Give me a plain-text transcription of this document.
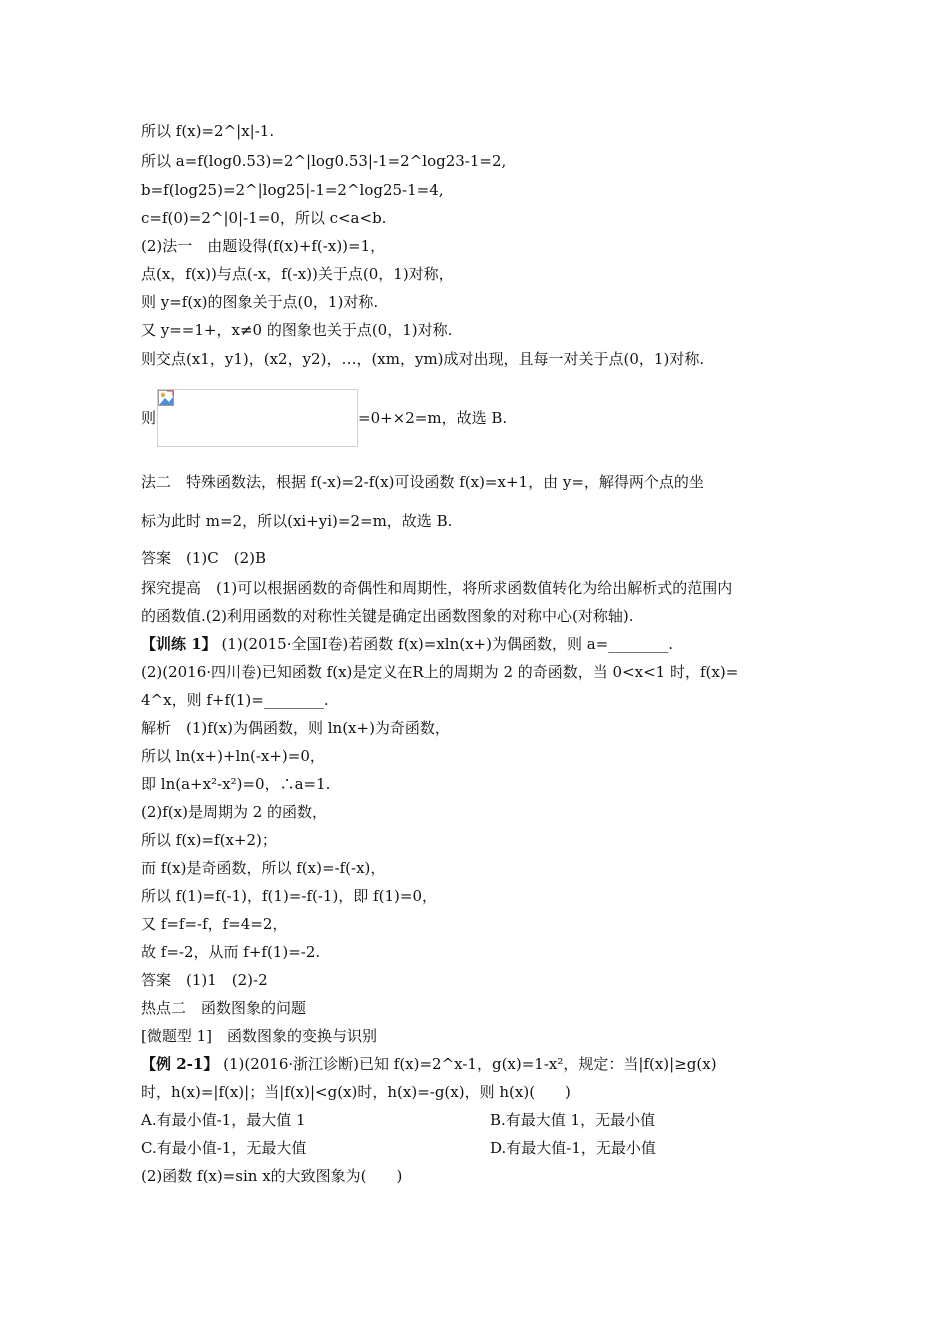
所以 f(x)=2^|x|-1.
所以 a=f(log0.53)=2^|log0.53|-1=2^log23-1=2,
b=f(log25)=2^|log25|-1=2^log25-1=4,
c=f(0)=2^|0|-1=0，所以 c<a<b.
(2)法一　由题设得(f(x)+f(-x))=1，
点(x，f(x))与点(-x，f(-x))关于点(0，1)对称，
则 y=f(x)的图象关于点(0，1)对称.
又 y==1+，x≠0 的图象也关于点(0，1)对称.
则交点(x1，y1)，(x2，y2)，…，(xm，ym)成对出现，且每一对关于点(0，1)对称.
则	=0+×2=m，故选 B.
法二　特殊函数法，根据 f(-x)=2-f(x)可设函数 f(x)=x+1，由 y=，解得两个点的坐
标为此时 m=2，所以(xi+yi)=2=m，故选 B.
答案　(1)C　(2)B
探究提高　(1)可以根据函数的奇偶性和周期性，将所求函数值转化为给出解析式的范围内
的函数值.(2)利用函数的对称性关键是确定出函数图象的对称中心(对称轴).
【训练 1】 (1)(2015·全国Ⅰ卷)若函数 f(x)=xln(x+)为偶函数，则 a=________.
(2)(2016·四川卷)已知函数 f(x)是定义在R上的周期为 2 的奇函数，当 0<x<1 时，f(x)=
4^x，则 f+f(1)=________.
解析　(1)f(x)为偶函数，则 ln(x+)为奇函数，
所以 ln(x+)+ln(-x+)=0，
即 ln(a+x²-x²)=0，∴a=1.
(2)f(x)是周期为 2 的函数，
所以 f(x)=f(x+2)；
而 f(x)是奇函数，所以 f(x)=-f(-x)，
所以 f(1)=f(-1)，f(1)=-f(-1)，即 f(1)=0，
又 f=f=-f，f=4=2，
故 f=-2，从而 f+f(1)=-2.
答案　(1)1　(2)-2
热点二　函数图象的问题
[微题型 1]　函数图象的变换与识别
【例 2-1】 (1)(2016·浙江诊断)已知 f(x)=2^x-1，g(x)=1-x²，规定：当|f(x)|≥g(x)
时，h(x)=|f(x)|；当|f(x)|<g(x)时，h(x)=-g(x)，则 h(x)(　　)
A.有最小值-1，最大值 1	B.有最大值 1，无最小值
C.有最小值-1，无最大值	D.有最大值-1，无最小值
(2)函数 f(x)=sin x的大致图象为(　　)
